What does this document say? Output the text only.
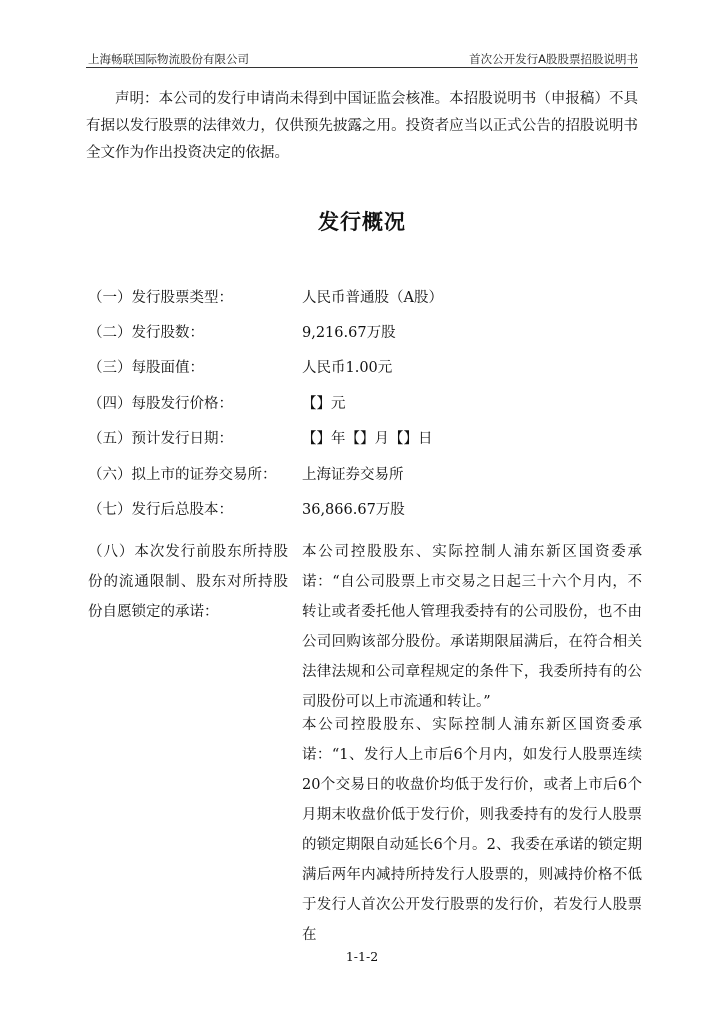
上海畅联国际物流股份有限公司	首次公开发行A股股票招股说明书

声明：本公司的发行申请尚未得到中国证监会核准。本招股说明书（申报稿）不具有据以发行股票的法律效力，仅供预先披露之用。投资者应当以正式公告的招股说明书全文作为作出投资决定的依据。

发行概况
（一）发行股票类型：	人民币普通股（A股）
（二）发行股数：	9,216.67万股
（三）每股面值：	人民币1.00元
（四）每股发行价格：	【】元
（五）预计发行日期：	【】年【】月【】日
（六）拟上市的证券交易所：	上海证券交易所
（七）发行后总股本：	36,866.67万股

（八）本次发行前股东所持股份的流通限制、股东对所持股份自愿锁定的承诺：

本公司控股股东、实际控制人浦东新区国资委承诺：“自公司股票上市交易之日起三十六个月内，不转让或者委托他人管理我委持有的公司股份，也不由公司回购该部分股份。承诺期限届满后，在符合相关法律法规和公司章程规定的条件下，我委所持有的公司股份可以上市流通和转让。”

本公司控股股东、实际控制人浦东新区国资委承诺：“1、发行人上市后6个月内，如发行人股票连续20个交易日的收盘价均低于发行价，或者上市后6个月期末收盘价低于发行价，则我委持有的发行人股票的锁定期限自动延长6个月。2、我委在承诺的锁定期满后两年内减持所持发行人股票的，则减持价格不低于发行人首次公开发行股票的发行价，若发行人股票在

1-1-2
